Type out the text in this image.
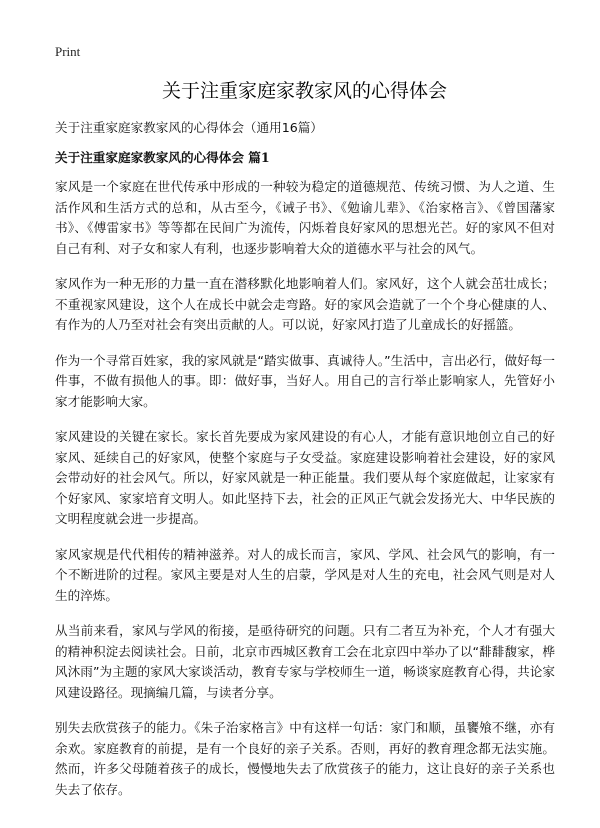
Print
关于注重家庭家教家风的心得体会

关于注重家庭家教家风的心得体会（通用16篇）

关于注重家庭家教家风的心得体会 篇1

家风是一个家庭在世代传承中形成的一种较为稳定的道德规范、传统习惯、为人之道、生活作风和生活方式的总和，从古至今，《诫子书》、《勉谕儿辈》、《治家格言》、《曾国藩家书》、《傅雷家书》等等都在民间广为流传，闪烁着良好家风的思想光芒。好的家风不但对自己有利、对子女和家人有利，也逐步影响着大众的道德水平与社会的风气。

家风作为一种无形的力量一直在潜移默化地影响着人们。家风好，这个人就会茁壮成长；不重视家风建设，这个人在成长中就会走弯路。好的家风会造就了一个个身心健康的人、有作为的人乃至对社会有突出贡献的人。可以说，好家风打造了儿童成长的好摇篮。

作为一个寻常百姓家，我的家风就是“踏实做事、真诚待人。”生活中，言出必行，做好每一件事，不做有损他人的事。即：做好事，当好人。用自己的言行举止影响家人，先管好小家才能影响大家。

家风建设的关键在家长。家长首先要成为家风建设的有心人，才能有意识地创立自己的好家风、延续自己的好家风，使整个家庭与子女受益。家庭建设影响着社会建设，好的家风会带动好的社会风气。所以，好家风就是一种正能量。我们要从每个家庭做起，让家家有个好家风、家家培育文明人。如此坚持下去，社会的正风正气就会发扬光大、中华民族的文明程度就会进一步提高。

家风家规是代代相传的精神滋养。对人的成长而言，家风、学风、社会风气的影响，有一个不断进阶的过程。家风主要是对人生的启蒙，学风是对人生的充电，社会风气则是对人生的淬炼。

从当前来看，家风与学风的衔接，是亟待研究的问题。只有二者互为补充，个人才有强大的精神积淀去阅读社会。日前，北京市西城区教育工会在北京四中举办了以“馡馡馥家，桦风沐雨”为主题的家风大家谈活动，教育专家与学校师生一道，畅谈家庭教育心得，共论家风建设路径。现摘编几篇，与读者分享。

别失去欣赏孩子的能力。《朱子治家格言》中有这样一句话：家门和顺，虽饔飧不继，亦有余欢。家庭教育的前提，是有一个良好的亲子关系。否则，再好的教育理念都无法实施。然而，许多父母随着孩子的成长，慢慢地失去了欣赏孩子的能力，这让良好的亲子关系也失去了依存。
